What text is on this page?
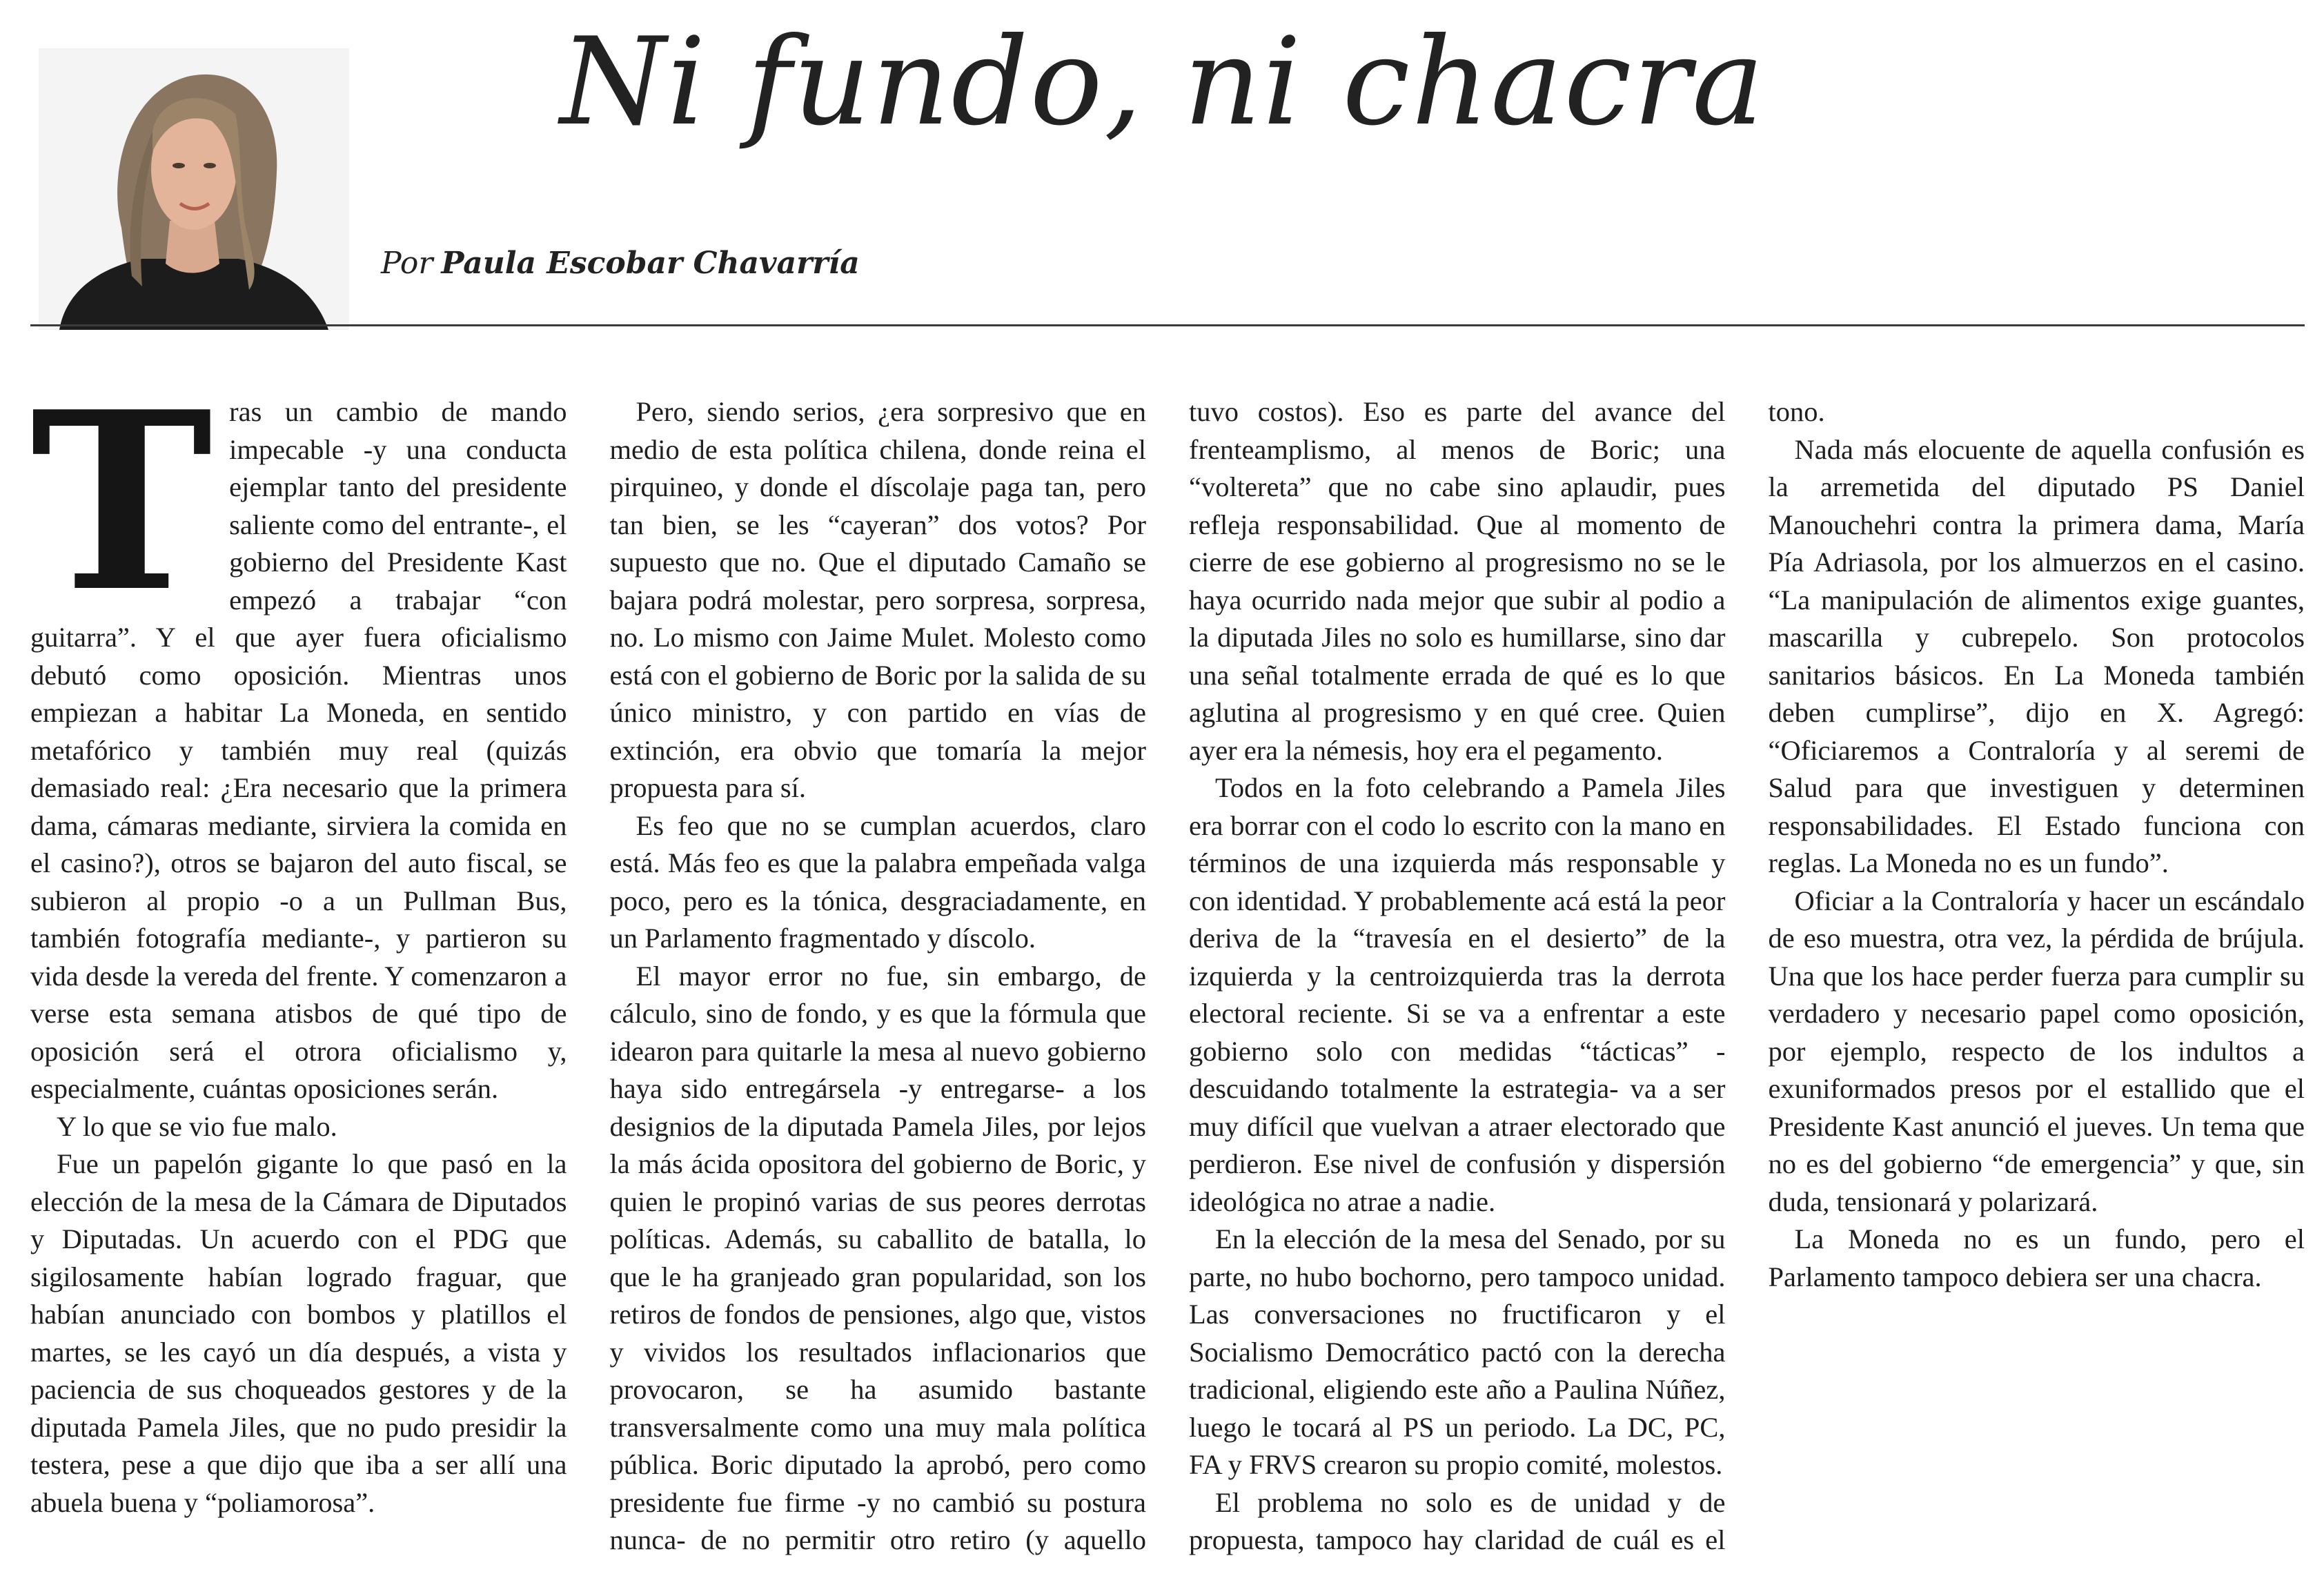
Ni fundo, ni chacra
Por Paula Escobar Chavarría

Tras un cambio de mando impecable -y una conducta ejemplar tanto del presidente saliente como del entrante-, el gobierno del Presidente Kast empezó a trabajar “con guitarra”. Y el que ayer fuera oficialismo debutó como oposición. Mientras unos empiezan a habitar La Moneda, en sentido metafórico y también muy real (quizás demasiado real: ¿Era necesario que la primera dama, cámaras mediante, sirviera la comida en el casino?), otros se bajaron del auto fiscal, se subieron al propio -o a un Pullman Bus, también fotografía mediante-, y partieron su vida desde la vereda del frente. Y comenzaron a verse esta semana atisbos de qué tipo de oposición será el otrora oficialismo y, especialmente, cuántas oposiciones serán.

Y lo que se vio fue malo.

Fue un papelón gigante lo que pasó en la elección de la mesa de la Cámara de Diputados y Diputadas. Un acuerdo con el PDG que sigilosamente habían logrado fraguar, que habían anunciado con bombos y platillos el martes, se les cayó un día después, a vista y paciencia de sus choqueados gestores y de la diputada Pamela Jiles, que no pudo presidir la testera, pese a que dijo que iba a ser allí una abuela buena y “poliamorosa”.

Pero, siendo serios, ¿era sorpresivo que en medio de esta política chilena, donde reina el pirquineo, y donde el díscolaje paga tan, pero tan bien, se les “cayeran” dos votos? Por supuesto que no. Que el diputado Camaño se bajara podrá molestar, pero sorpresa, sorpresa, no. Lo mismo con Jaime Mulet. Molesto como está con el gobierno de Boric por la salida de su único ministro, y con partido en vías de extinción, era obvio que tomaría la mejor propuesta para sí.

Es feo que no se cumplan acuerdos, claro está. Más feo es que la palabra empeñada valga poco, pero es la tónica, desgraciadamente, en un Parlamento fragmentado y díscolo.

El mayor error no fue, sin embargo, de cálculo, sino de fondo, y es que la fórmula que idearon para quitarle la mesa al nuevo gobierno haya sido entregársela -y entregarse- a los designios de la diputada Pamela Jiles, por lejos la más ácida opositora del gobierno de Boric, y quien le propinó varias de sus peores derrotas políticas. Además, su caballito de batalla, lo que le ha granjeado gran popularidad, son los retiros de fondos de pensiones, algo que, vistos y vividos los resultados inflacionarios que provocaron, se ha asumido bastante transversalmente como una muy mala política pública. Boric diputado la aprobó, pero como presidente fue firme -y no cambió su postura nunca- de no permitir otro retiro (y aquello tuvo costos). Eso es parte del avance del frenteamplismo, al menos de Boric; una “voltereta” que no cabe sino aplaudir, pues refleja responsabilidad. Que al momento de cierre de ese gobierno al progresismo no se le haya ocurrido nada mejor que subir al podio a la diputada Jiles no solo es humillarse, sino dar una señal totalmente errada de qué es lo que aglutina al progresismo y en qué cree. Quien ayer era la némesis, hoy era el pegamento.

Todos en la foto celebrando a Pamela Jiles era borrar con el codo lo escrito con la mano en términos de una izquierda más responsable y con identidad. Y probablemente acá está la peor deriva de la “travesía en el desierto” de la izquierda y la centroizquierda tras la derrota electoral reciente. Si se va a enfrentar a este gobierno solo con medidas “tácticas” -descuidando totalmente la estrategia- va a ser muy difícil que vuelvan a atraer electorado que perdieron. Ese nivel de confusión y dispersión ideológica no atrae a nadie.

En la elección de la mesa del Senado, por su parte, no hubo bochorno, pero tampoco unidad. Las conversaciones no fructificaron y el Socialismo Democrático pactó con la derecha tradicional, eligiendo este año a Paulina Núñez, luego le tocará al PS un periodo. La DC, PC, FA y FRVS crearon su propio comité, molestos.

El problema no solo es de unidad y de propuesta, tampoco hay claridad de cuál es el tono.

Nada más elocuente de aquella confusión es la arremetida del diputado PS Daniel Manouchehri contra la primera dama, María Pía Adriasola, por los almuerzos en el casino. “La manipulación de alimentos exige guantes, mascarilla y cubrepelo. Son protocolos sanitarios básicos. En La Moneda también deben cumplirse”, dijo en X. Agregó: “Oficiaremos a Contraloría y al seremi de Salud para que investiguen y determinen responsabilidades. El Estado funciona con reglas. La Moneda no es un fundo”.

Oficiar a la Contraloría y hacer un escándalo de eso muestra, otra vez, la pérdida de brújula. Una que los hace perder fuerza para cumplir su verdadero y necesario papel como oposición, por ejemplo, respecto de los indultos a exuniformados presos por el estallido que el Presidente Kast anunció el jueves. Un tema que no es del gobierno “de emergencia” y que, sin duda, tensionará y polarizará.

La Moneda no es un fundo, pero el Parlamento tampoco debiera ser una chacra.
